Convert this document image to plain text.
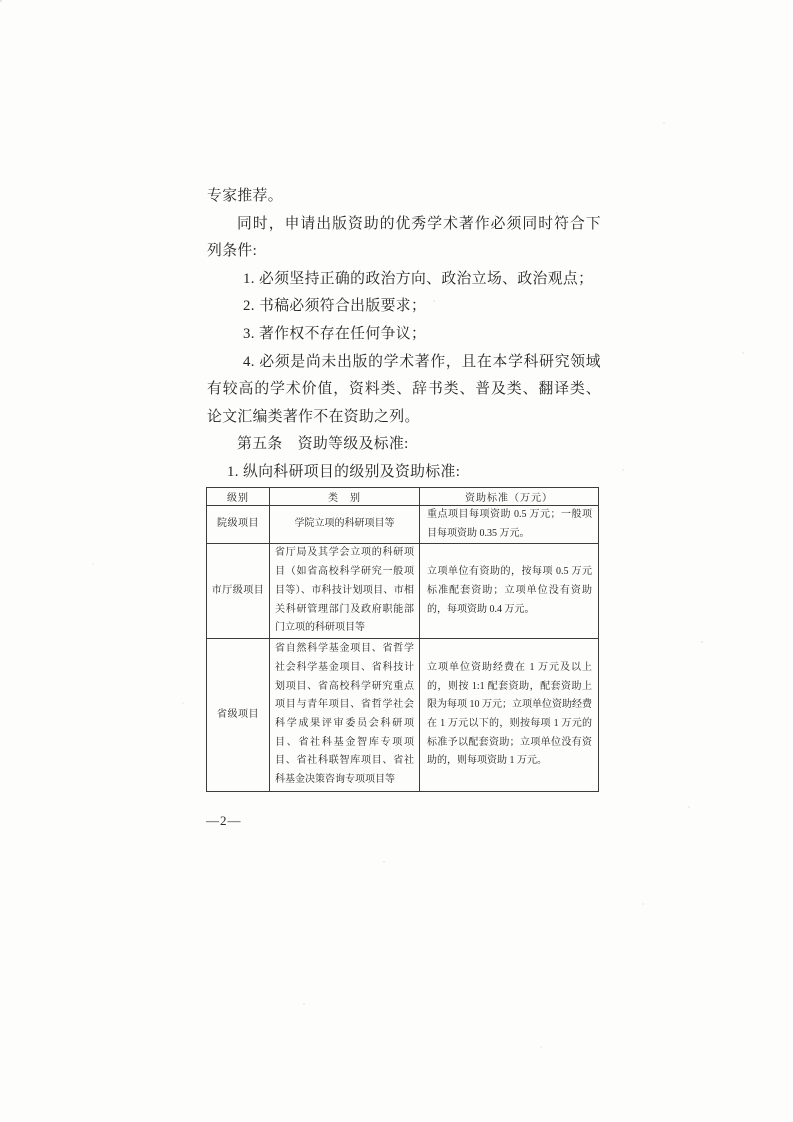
专家推荐。

同时，申请出版资助的优秀学术著作必须同时符合下列条件:

1. 必须坚持正确的政治方向、政治立场、政治观点；

2. 书稿必须符合出版要求；

3. 著作权不存在任何争议；

4. 必须是尚未出版的学术著作，且在本学科研究领域有较高的学术价值，资料类、辞书类、普及类、翻译类、论文汇编类著作不在资助之列。

第五条　资助等级及标准:

1. 纵向科研项目的级别及资助标准:

级别	类　别	资助标准（万元）
院级项目	学院立项的科研项目等	重点项目每项资助 0.5 万元；一般项目每项资助 0.35 万元。
市厅级项目	省厅局及其学会立项的科研项目（如省高校科学研究一般项目等）、市科技计划项目、市相关科研管理部门及政府职能部门立项的科研项目等	立项单位有资助的，按每项 0.5 万元标准配套资助；立项单位没有资助的，每项资助 0.4 万元。
省级项目	省自然科学基金项目、省哲学社会科学基金项目、省科技计划项目、省高校科学研究重点项目与青年项目、省哲学社会科学成果评审委员会科研项目、省社科基金智库专项项目、省社科联智库项目、省社科基金决策咨询专项项目等	立项单位资助经费在 1 万元及以上的，则按 1:1 配套资助，配套资助上限为每项 10 万元；立项单位资助经费在 1 万元以下的，则按每项 1 万元的标准予以配套资助；立项单位没有资助的，则每项资助 1 万元。
—2—
